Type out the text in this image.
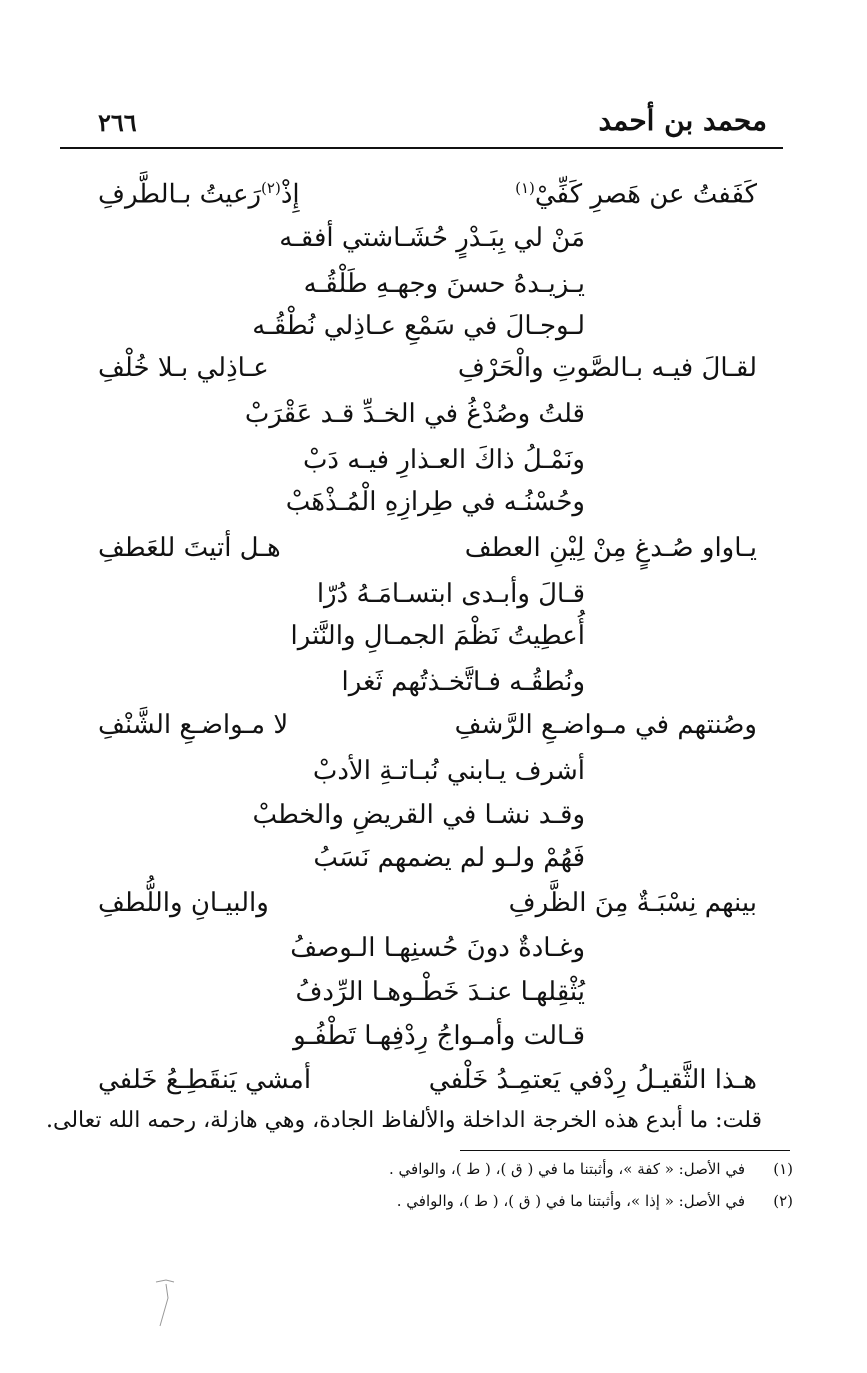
محمد بن أحمد
٢٦٦
كَفَفتُ عن هَصرِ كَفِّيْ$^{(١)}$
إِذْ$^{(٢)}$رَعيتُ بـالطَّرفِ
مَنْ لي بِبَـدْرٍ حُشَـاشتي أفقـه
يـزيـدهُ حسنَ وجهـهِ طَلْقُـه
لـوجـالَ في سَمْعِ عـاذِلي نُطْقُـه
لقـالَ فيـه بـالصَّوتِ والْحَرْفِ
عـاذِلي بـلا خُلْفِ
قلتُ وصُدْغُ في الخـدِّ قـد عَقْرَبْ
ونَمْـلُ ذاكَ العـذارِ فيـه دَبْ
وحُسْنُـه في طِرازِهِ الْمُـذْهَبْ
يـاواو صُـدغٍ مِنْ لِيْنِ العطف
هـل أتيتَ للعَطفِ
قـالَ وأبـدى ابتسـامَـهُ دُرّا
أُعطِيتُ نَظْمَ الجمـالِ والنَّثرا
ونُطقُـه فـاتَّخـذتُهم ثَغرا
وصُنتهم في مـواضـعِ الرَّشفِ
لا مـواضـعِ الشَّنْفِ
أشرف يـابني نُبـاتـةِ الأدبْ
وقـد نشـا في القريضِ والخطبْ
فَهُمْ ولـو لم يضمهم نَسَبُ
بينهم نِسْبَـةٌ مِنَ الظَّرفِ
والبيـانِ واللُّطفِ
وغـادةٌ دونَ حُسنِهـا الـوصفُ
يُثْقِلهـا عنـدَ خَطْـوهـا الرِّدفُ
قـالت وأمـواجُ رِدْفِهـا تَطْفُـو
هـذا الثَّقيـلُ رِدْفي يَعتمِـدُ خَلْفي
أمشي يَنقَطِـعُ خَلفي
قلت: ما أبدع هذه الخرجة الداخلة والألفاظ الجادة، وهي هازلة، رحمه الله تعالى.
(١)في الأصل: « كفة »، وأثبتنا ما في ( ق )، ( ط )، والوافي .
(٢)في الأصل: « إذا »، وأثبتنا ما في ( ق )، ( ط )، والوافي .
